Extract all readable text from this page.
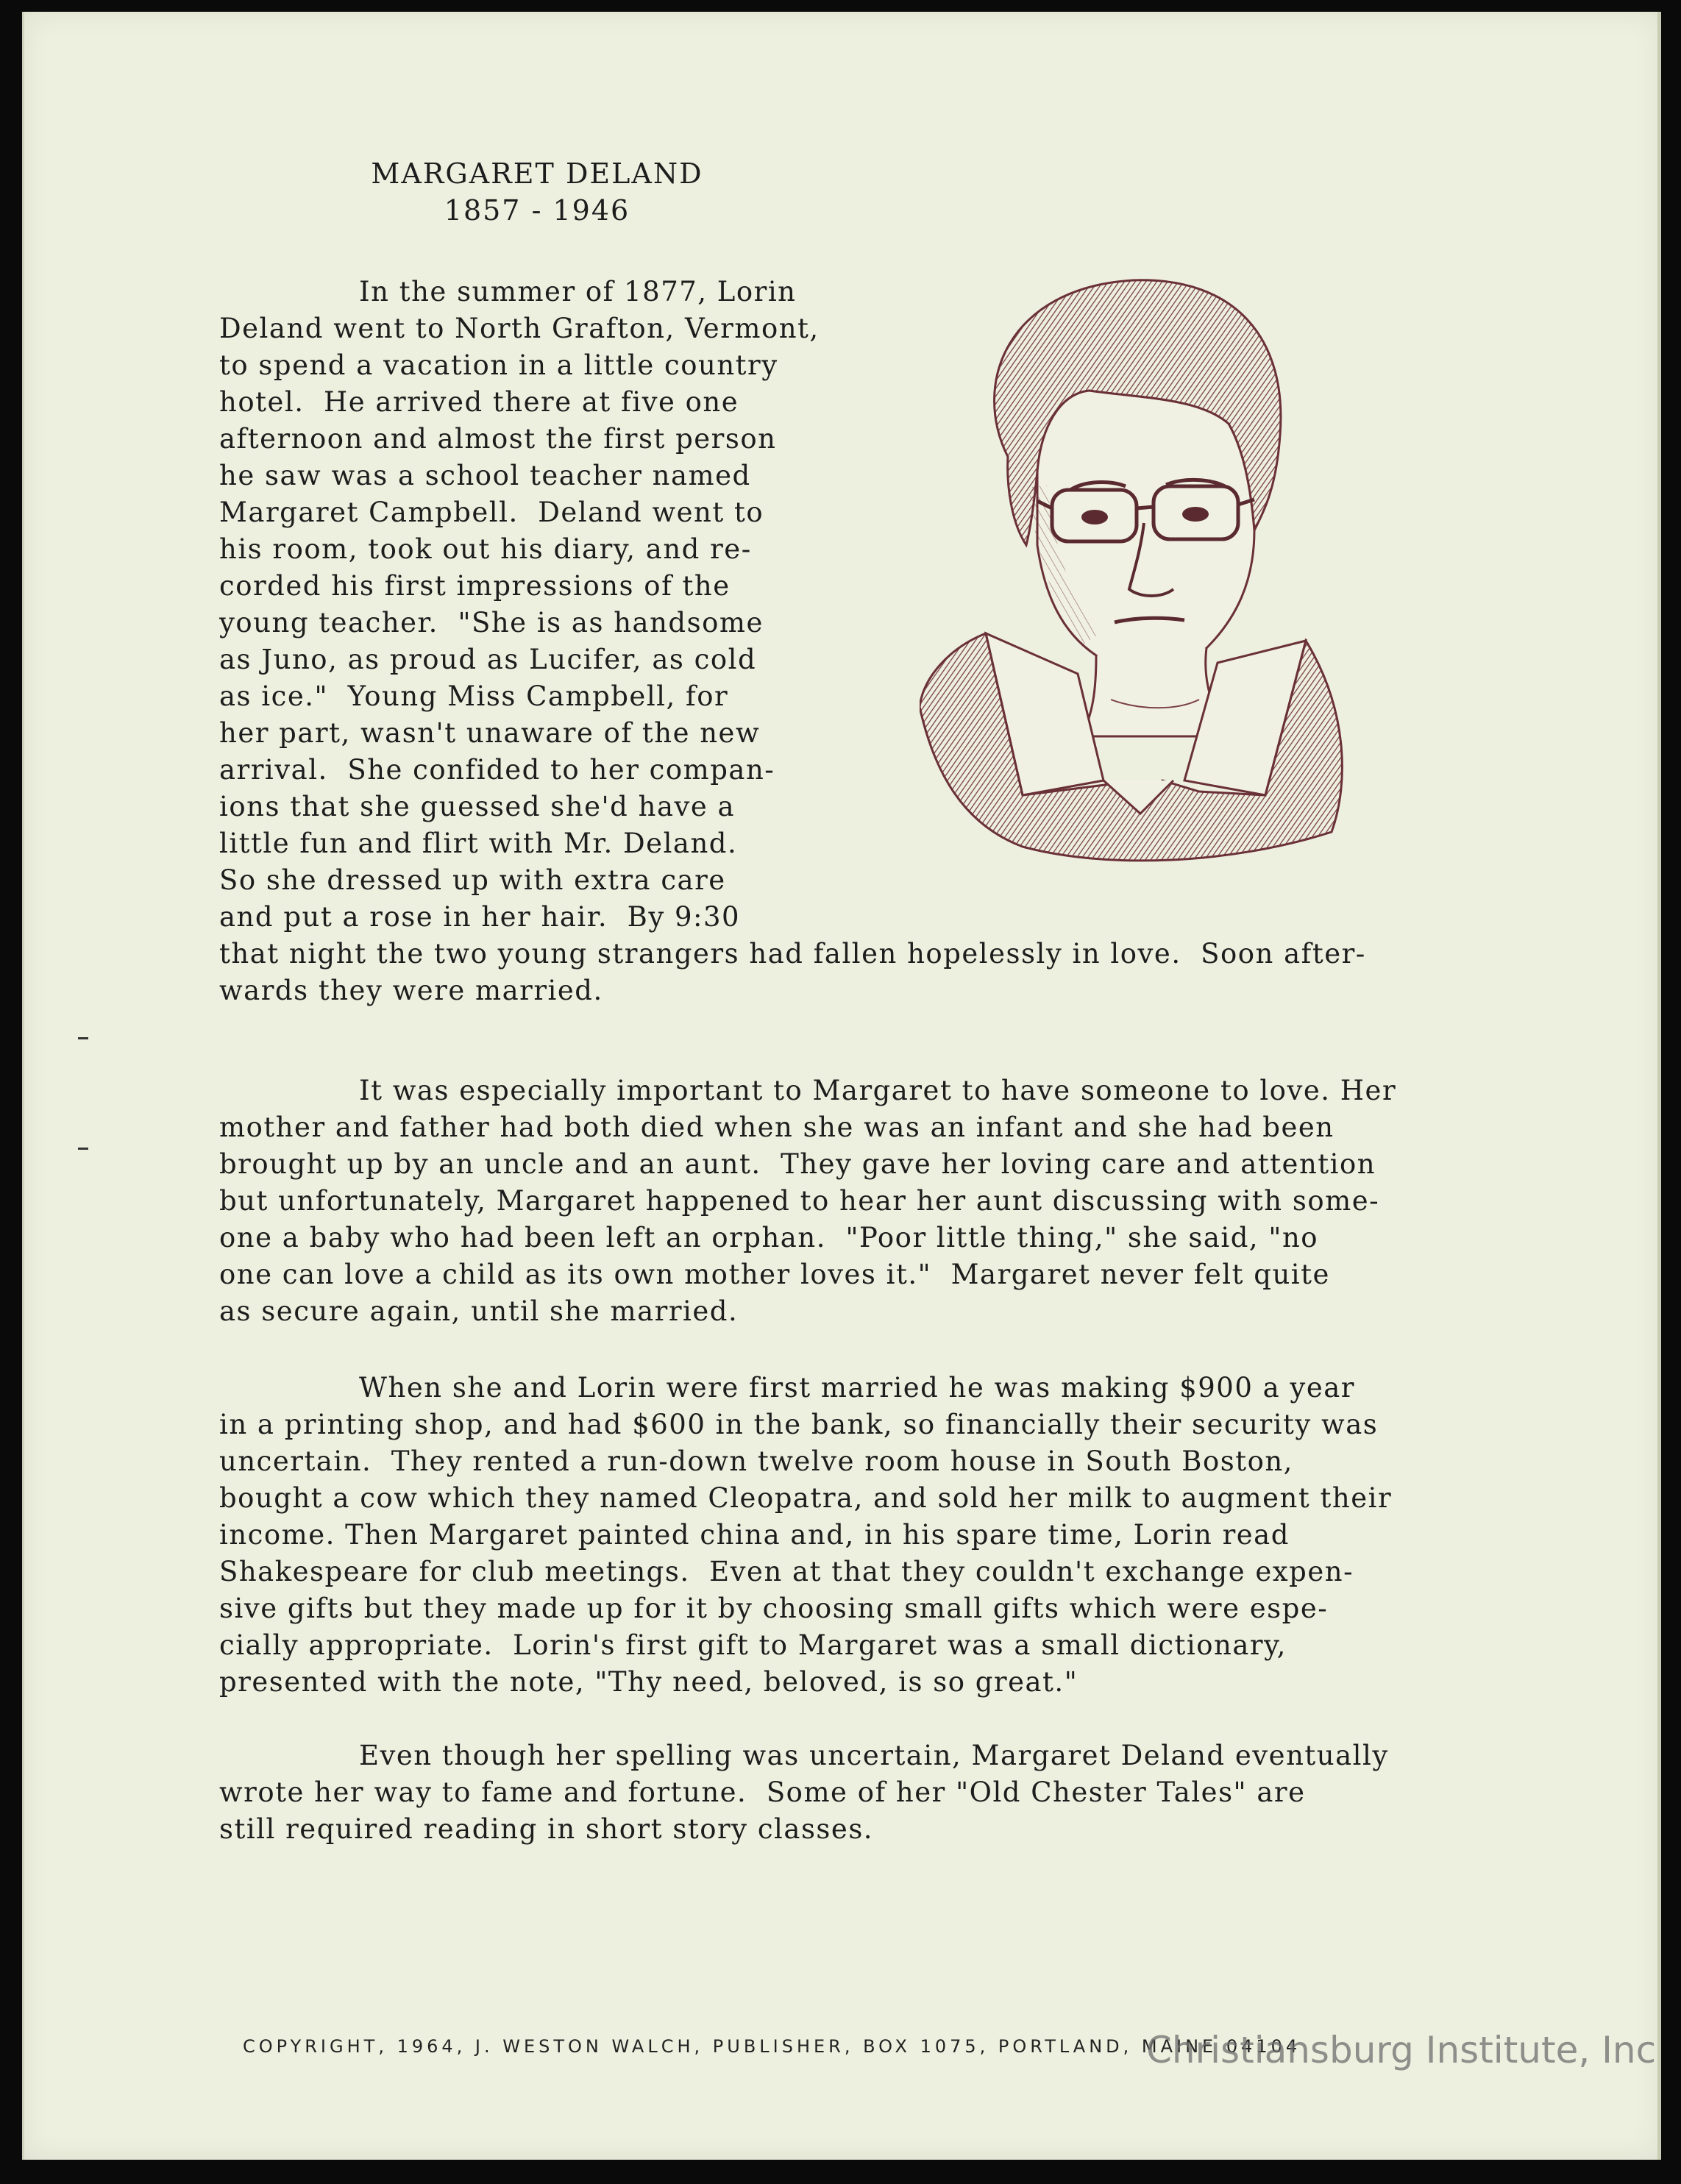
MARGARET DELAND
1857 - 1946
In the summer of 1877, Lorin
Deland went to North Grafton, Vermont,
to spend a vacation in a little country
hotel.  He arrived there at five one
afternoon and almost the first person
he saw was a school teacher named
Margaret Campbell.  Deland went to
his room, took out his diary, and re-
corded his first impressions of the
young teacher.  "She is as handsome
as Juno, as proud as Lucifer, as cold
as ice."  Young Miss Campbell, for
her part, wasn't unaware of the new
arrival.  She confided to her compan-
ions that she guessed she'd have a
little fun and flirt with Mr. Deland.
So she dressed up with extra care
and put a rose in her hair.  By 9:30
that night the two young strangers had fallen hopelessly in love.  Soon after-
wards they were married.
It was especially important to Margaret to have someone to love. Her
mother and father had both died when she was an infant and she had been
brought up by an uncle and an aunt.  They gave her loving care and attention
but unfortunately, Margaret happened to hear her aunt discussing with some-
one a baby who had been left an orphan.  "Poor little thing," she said, "no
one can love a child as its own mother loves it."  Margaret never felt quite
as secure again, until she married.
When she and Lorin were first married he was making $900 a year
in a printing shop, and had $600 in the bank, so financially their security was
uncertain.  They rented a run-down twelve room house in South Boston,
bought a cow which they named Cleopatra, and sold her milk to augment their
income. Then Margaret painted china and, in his spare time, Lorin read
Shakespeare for club meetings.  Even at that they couldn't exchange expen-
sive gifts but they made up for it by choosing small gifts which were espe-
cially appropriate.  Lorin's first gift to Margaret was a small dictionary,
presented with the note, "Thy need, beloved, is so great."
Even though her spelling was uncertain, Margaret Deland eventually
wrote her way to fame and fortune.  Some of her "Old Chester Tales" are
still required reading in short story classes.
COPYRIGHT, 1964, J. WESTON WALCH, PUBLISHER, BOX 1075, PORTLAND, MAINE 04104
Christiansburg Institute, Inc
